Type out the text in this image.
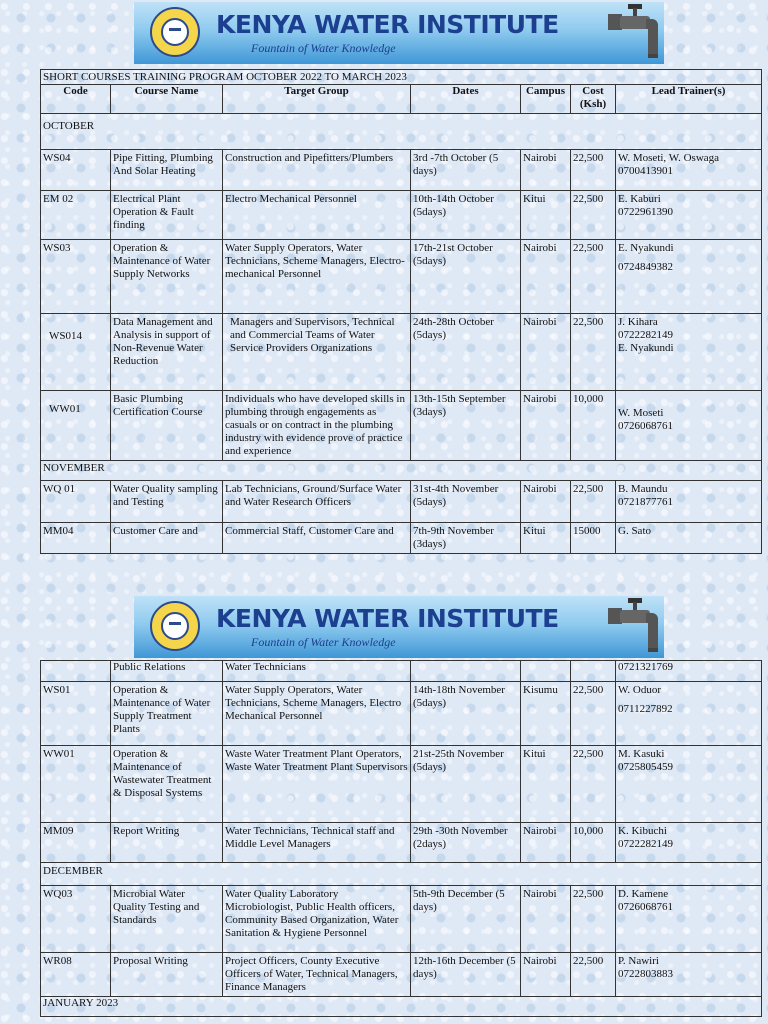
KENYA WATER INSTITUTE
Fountain of Water Knowledge
SHORT COURSES TRAINING PROGRAM OCTOBER 2022 TO MARCH 2023						
Code	Course Name	Target Group	Dates	Campus	Cost (Ksh)	Lead Trainer(s)
OCTOBER						
WS04	Pipe Fitting, Plumbing And Solar Heating	Construction and Pipefitters/Plumbers	3rd -7th October (5 days)	Nairobi	22,500	W. Moseti, W. Oswaga
0700413901

EM 02	Electrical Plant Operation & Fault finding	Electro Mechanical Personnel	10th-14th October (5days)	Kitui	22,500	E. Kaburi
0722961390

WS03	Operation & Maintenance of Water Supply Networks	Water Supply Operators, Water Technicians, Scheme Managers, Electro- mechanical Personnel	17th-21st October (5days)	Nairobi	22,500	E. Nyakundi
0724849382

WS014	Data Management and Analysis in support of Non-Revenue Water Reduction	Managers and Supervisors, Technical and Commercial Teams of Water Service Providers Organizations	24th-28th October (5days)	Nairobi	22,500	J. Kihara
0722282149
E. Nyakundi

WW01	Basic Plumbing Certification Course	Individuals who have developed skills in plumbing through engagements as casuals or on contract in the plumbing industry with evidence prove of practice and experience	13th-15th September (3days)	Nairobi	10,000	W. Moseti
0726068761

NOVEMBER						
WQ 01	Water Quality sampling and Testing	Lab Technicians, Ground/Surface Water and Water Research Officers	31st-4th November (5days)	Nairobi	22,500	B. Maundu
0721877761

MM04	Customer Care and	Commercial Staff, Customer Care and	7th-9th November (3days)	Kitui	15000	G. Sato
KENYA WATER INSTITUTE
Fountain of Water Knowledge
	Public Relations	Water Technicians				0721321769
WS01	Operation & Maintenance of Water Supply Treatment Plants	Water Supply Operators, Water Technicians, Scheme Managers, Electro Mechanical Personnel	14th-18th November (5days)	Kisumu	22,500	W. Oduor
0711227892

WW01	Operation & Maintenance of Wastewater Treatment & Disposal Systems	Waste Water Treatment Plant Operators, Waste Water Treatment Plant Supervisors	21st-25th November (5days)	Kitui	22,500	M. Kasuki
0725805459

MM09	Report Writing	Water Technicians, Technical staff and Middle Level Managers	29th -30th November (2days)	Nairobi	10,000	K. Kibuchi
0722282149

DECEMBER						
WQ03	Microbial Water Quality Testing and Standards	Water Quality Laboratory Microbiologist, Public Health officers, Community Based Organization, Water Sanitation & Hygiene Personnel	5th-9th December (5 days)	Nairobi	22,500	D. Kamene
0726068761

WR08	Proposal Writing	Project Officers, County Executive Officers of Water, Technical Managers, Finance Managers	12th-16th December (5 days)	Nairobi	22,500	P. Nawiri
0722803883

JANUARY 2023						
